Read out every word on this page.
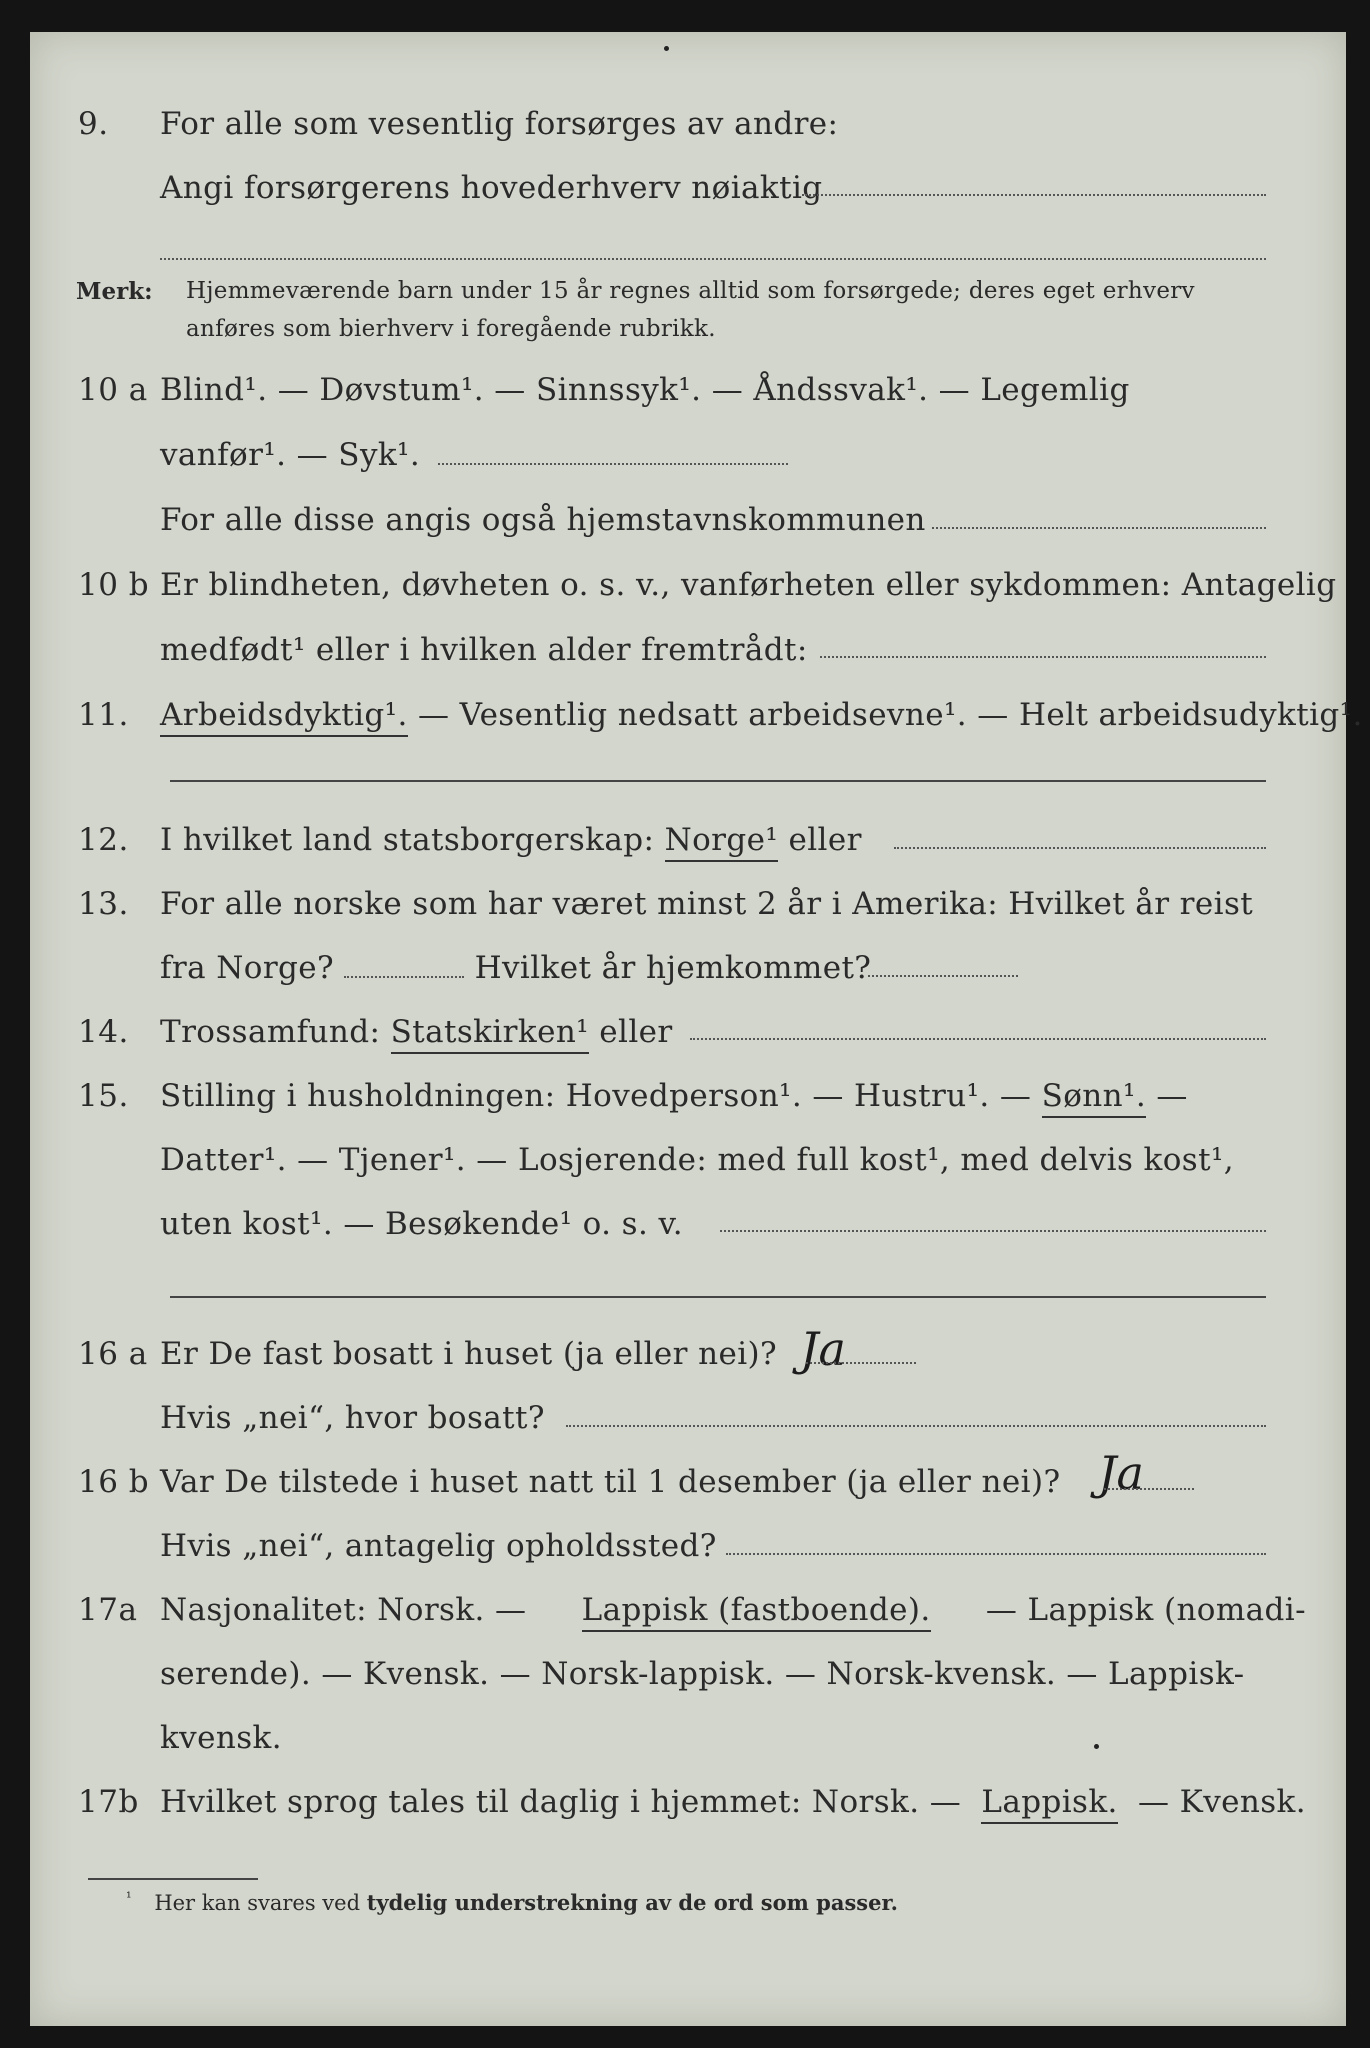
9. For alle som vesentlig forsørges av andre:
Angi forsørgerens hovederhverv nøiaktig
Merk: Hjemmeværende barn under 15 år regnes alltid som forsørgede; deres eget erhverv
anføres som bierhverv i foregående rubrikk.
10 a Blind¹. — Døvstum¹. — Sinnssyk¹. — Åndssvak¹. — Legemlig
vanfør¹. — Syk¹.
For alle disse angis også hjemstavnskommunen
10 b Er blindheten, døvheten o. s. v., vanførheten eller sykdommen: Antagelig
medfødt¹ eller i hvilken alder fremtrådt:
11. Arbeidsdyktig¹. — Vesentlig nedsatt arbeidsevne¹. — Helt arbeidsudyktig¹.
12. I hvilket land statsborgerskap: Norge¹ eller
13. For alle norske som har været minst 2 år i Amerika: Hvilket år reist
fra Norge?	Hvilket år hjemkommet?
14. Trossamfund: Statskirken¹ eller
15. Stilling i husholdningen: Hovedperson¹. — Hustru¹. — Sønn¹. —
Datter¹. — Tjener¹. — Losjerende: med full kost¹, med delvis kost¹,
uten kost¹. — Besøkende¹ o. s. v.
16 a Er De fast bosatt i huset (ja eller nei)? Ja
Hvis „nei“, hvor bosatt?
16 b Var De tilstede i huset natt til 1 desember (ja eller nei)? Ja
Hvis „nei“, antagelig opholdssted?
17a Nasjonalitet: Norsk. — Lappisk (fastboende). — Lappisk (nomadi-
serende). — Kvensk. — Norsk-lappisk. — Norsk-kvensk. — Lappisk-
kvensk.
17b Hvilket sprog tales til daglig i hjemmet: Norsk. — Lappisk. — Kvensk.
$^{^1}$ Her kan svares ved tydelig understrekning av de ord som passer.
